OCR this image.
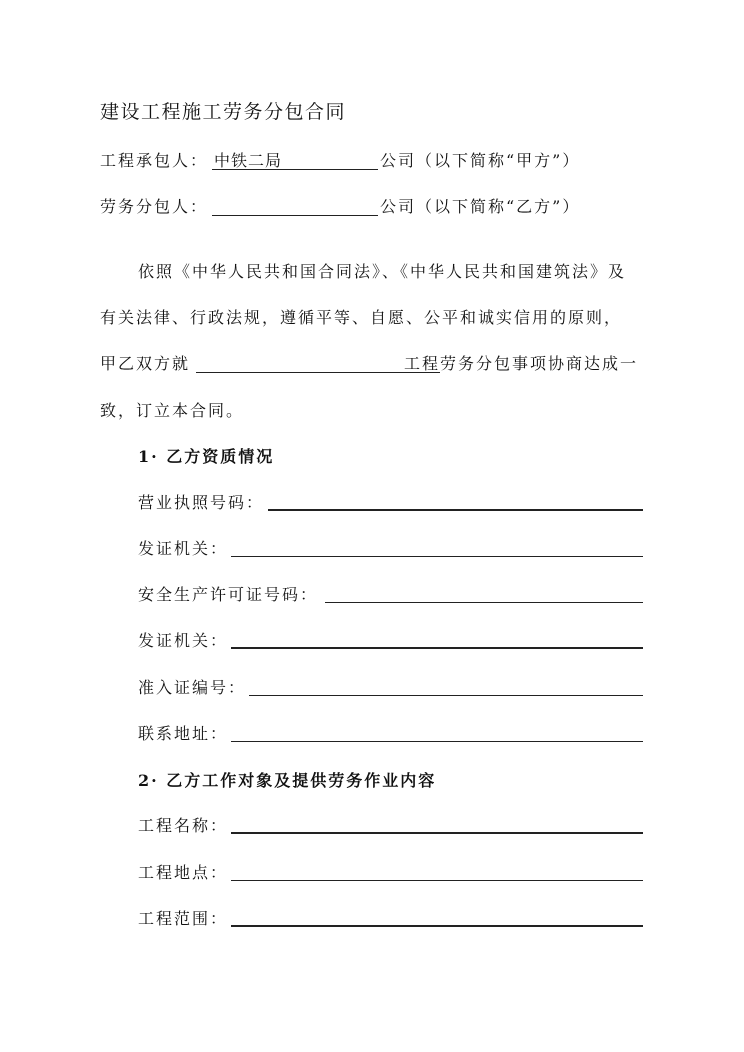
建设工程施工劳务分包合同
工程承包人： 中铁二局	公司（以下简称“甲方”）
劳务分包人：	公司（以下简称“乙方”）
依照《中华人民共和国合同法》、《中华人民共和国建筑法》及
有关法律、行政法规，遵循平等、自愿、公平和诚实信用的原则，
甲乙双方就	工程劳务分包事项协商达成一
致，订立本合同。
1· 乙方资质情况
营业执照号码：
发证机关：
安全生产许可证号码：
发证机关：
准入证编号：
联系地址：
2· 乙方工作对象及提供劳务作业内容
工程名称：
工程地点：
工程范围：
